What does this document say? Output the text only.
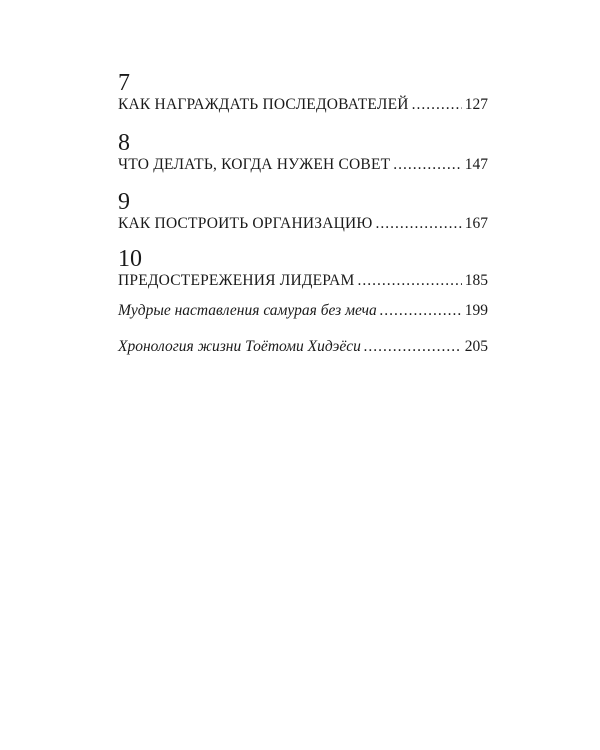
7
КАК НАГРАЖДАТЬ ПОСЛЕДОВАТЕЛЕЙ .....	127
8
ЧТО ДЕЛАТЬ, КОГДА НУЖЕН СОВЕТ .....	147
9
КАК ПОСТРОИТЬ ОРГАНИЗАЦИЮ .....	167
10
ПРЕДОСТЕРЕЖЕНИЯ ЛИДЕРАМ .....	185
Мудрые наставления самурая без меча .....	199
Хронология жизни Тоётоми Хидэёси .....	205
